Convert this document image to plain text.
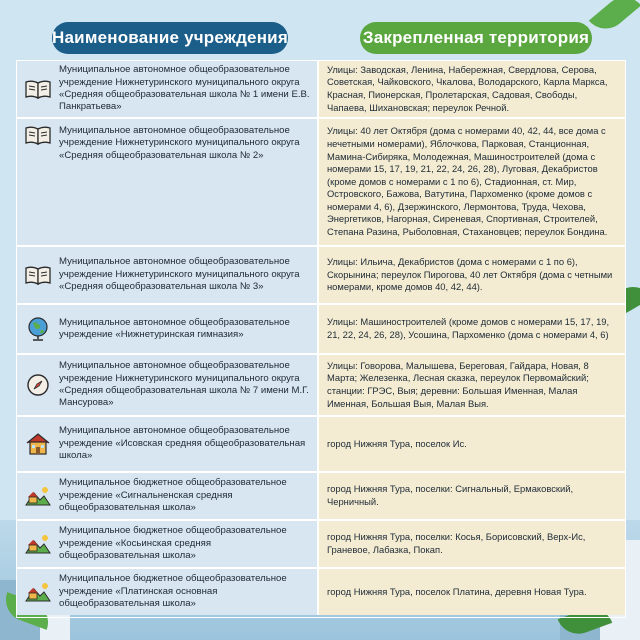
Наименование учреждения	Закрепленная территория
Муниципальное автономное общеобразовательное учреждение Нижнетуринского муниципального округа «Средняя общеобразовательная школа № 1 имени Е.В. Панкратьева»
Улицы: Заводская, Ленина, Набережная, Свердлова, Серова, Советская, Чайковского, Чкалова, Володарского, Карла Маркса, Красная, Пионерская, Пролетарская, Садовая, Свободы, Чапаева, Шихановская; переулок Речной.
Муниципальное автономное общеобразовательное учреждение Нижнетуринского муниципального округа «Средняя общеобразовательная школа № 2»
Улицы: 40 лет Октября (дома с номерами 40, 42, 44, все дома с нечетными номерами), Яблочкова, Парковая, Станционная, Мамина-Сибиряка, Молодежная, Машиностроителей (дома с номерами 15, 17, 19, 21, 22, 24, 26, 28), Луговая, Декабристов (кроме домов с номерами с 1 по 6), Стадионная, ст. Мир, Островского, Бажова, Ватутина, Пархоменко (кроме домов с номерами 4, 6), Дзержинского, Лермонтова, Труда, Чехова, Энергетиков, Нагорная, Сиреневая, Спортивная, Строителей, Степана Разина, Рыболовная, Стахановцев; переулок Бондина.
Муниципальное автономное общеобразовательное учреждение Нижнетуринского муниципального округа «Средняя общеобразовательная школа № 3»
Улицы: Ильича, Декабристов (дома с номерами с 1 по 6), Скорынина; переулок Пирогова, 40 лет Октября (дома с четными номерами, кроме домов 40, 42, 44).
Муниципальное автономное общеобразовательное учреждение «Нижнетуринская гимназия»
Улицы: Машиностроителей (кроме домов с номерами 15, 17, 19, 21, 22, 24, 26, 28), Усошина, Пархоменко (дома с номерами 4, 6)
Муниципальное автономное общеобразовательное учреждение Нижнетуринского муниципального округа «Средняя общеобразовательная школа № 7 имени М.Г. Мансурова»
Улицы: Говорова, Малышева, Береговая, Гайдара, Новая, 8 Марта; Железенка, Лесная сказка, переулок Первомайский; станции: ГРЭС, Выя; деревни: Большая Именная, Малая Именная, Большая Выя, Малая Выя.
Муниципальное автономное общеобразовательное учреждение «Исовская средняя общеобразовательная школа»
город Нижняя Тура, поселок Ис.
Муниципальное бюджетное общеобразовательное учреждение «Сигнальненская средняя общеобразовательная школа»
город Нижняя Тура, поселки: Сигнальный, Ермаковский, Черничный.
Муниципальное бюджетное общеобразовательное учреждение «Косьинская средняя общеобразовательная школа»
город Нижняя Тура, поселки: Косья, Борисовский, Верх-Ис, Граневое, Лабазка, Покап.
Муниципальное бюджетное общеобразовательное учреждение «Платинская основная общеобразовательная школа»
город Нижняя Тура, поселок Платина, деревня Новая Тура.
